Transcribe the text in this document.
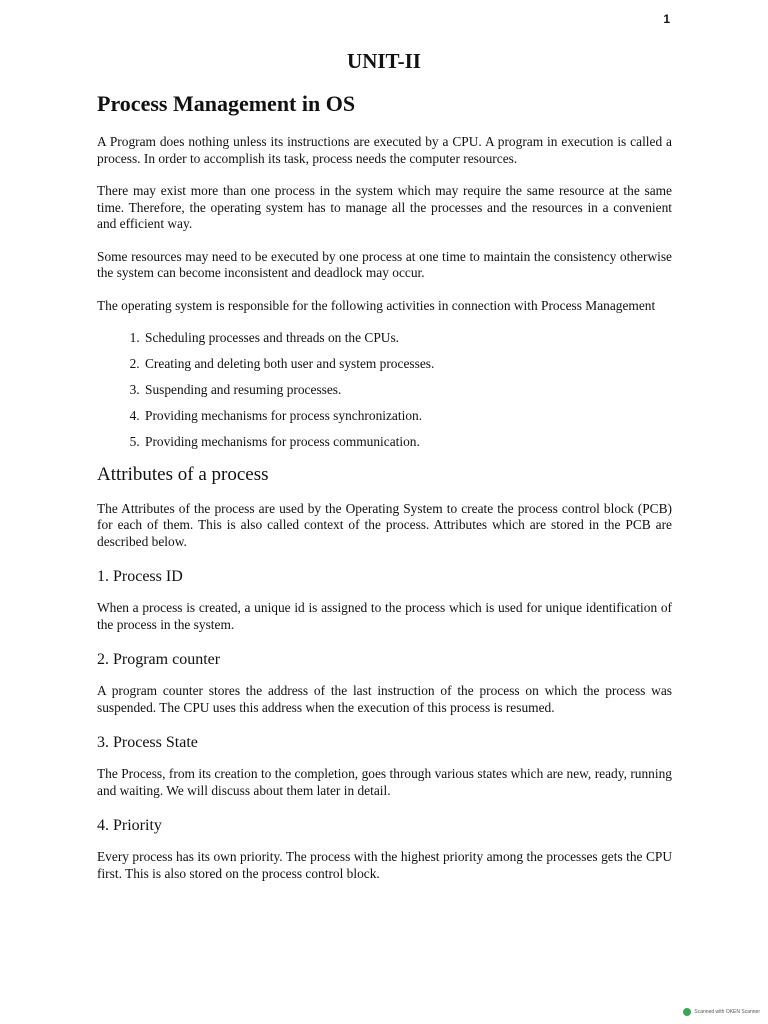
1
UNIT-II
Process Management in OS

A Program does nothing unless its instructions are executed by a CPU. A program in execution is called a process. In order to accomplish its task, process needs the computer resources.

There may exist more than one process in the system which may require the same resource at the same time. Therefore, the operating system has to manage all the processes and the resources in a convenient and efficient way.

Some resources may need to be executed by one process at one time to maintain the consistency otherwise the system can become inconsistent and deadlock may occur.

The operating system is responsible for the following activities in connection with Process Management

1. Scheduling processes and threads on the CPUs.
2. Creating and deleting both user and system processes.
3. Suspending and resuming processes.
4. Providing mechanisms for process synchronization.
5. Providing mechanisms for process communication.
Attributes of a process

The Attributes of the process are used by the Operating System to create the process control block (PCB) for each of them. This is also called context of the process. Attributes which are stored in the PCB are described below.

1. Process ID

When a process is created, a unique id is assigned to the process which is used for unique identification of the process in the system.

2. Program counter

A program counter stores the address of the last instruction of the process on which the process was suspended. The CPU uses this address when the execution of this process is resumed.

3. Process State

The Process, from its creation to the completion, goes through various states which are new, ready, running and waiting. We will discuss about them later in detail.

4. Priority

Every process has its own priority. The process with the highest priority among the processes gets the CPU first. This is also stored on the process control block.

Scanned with OKEN Scanner
